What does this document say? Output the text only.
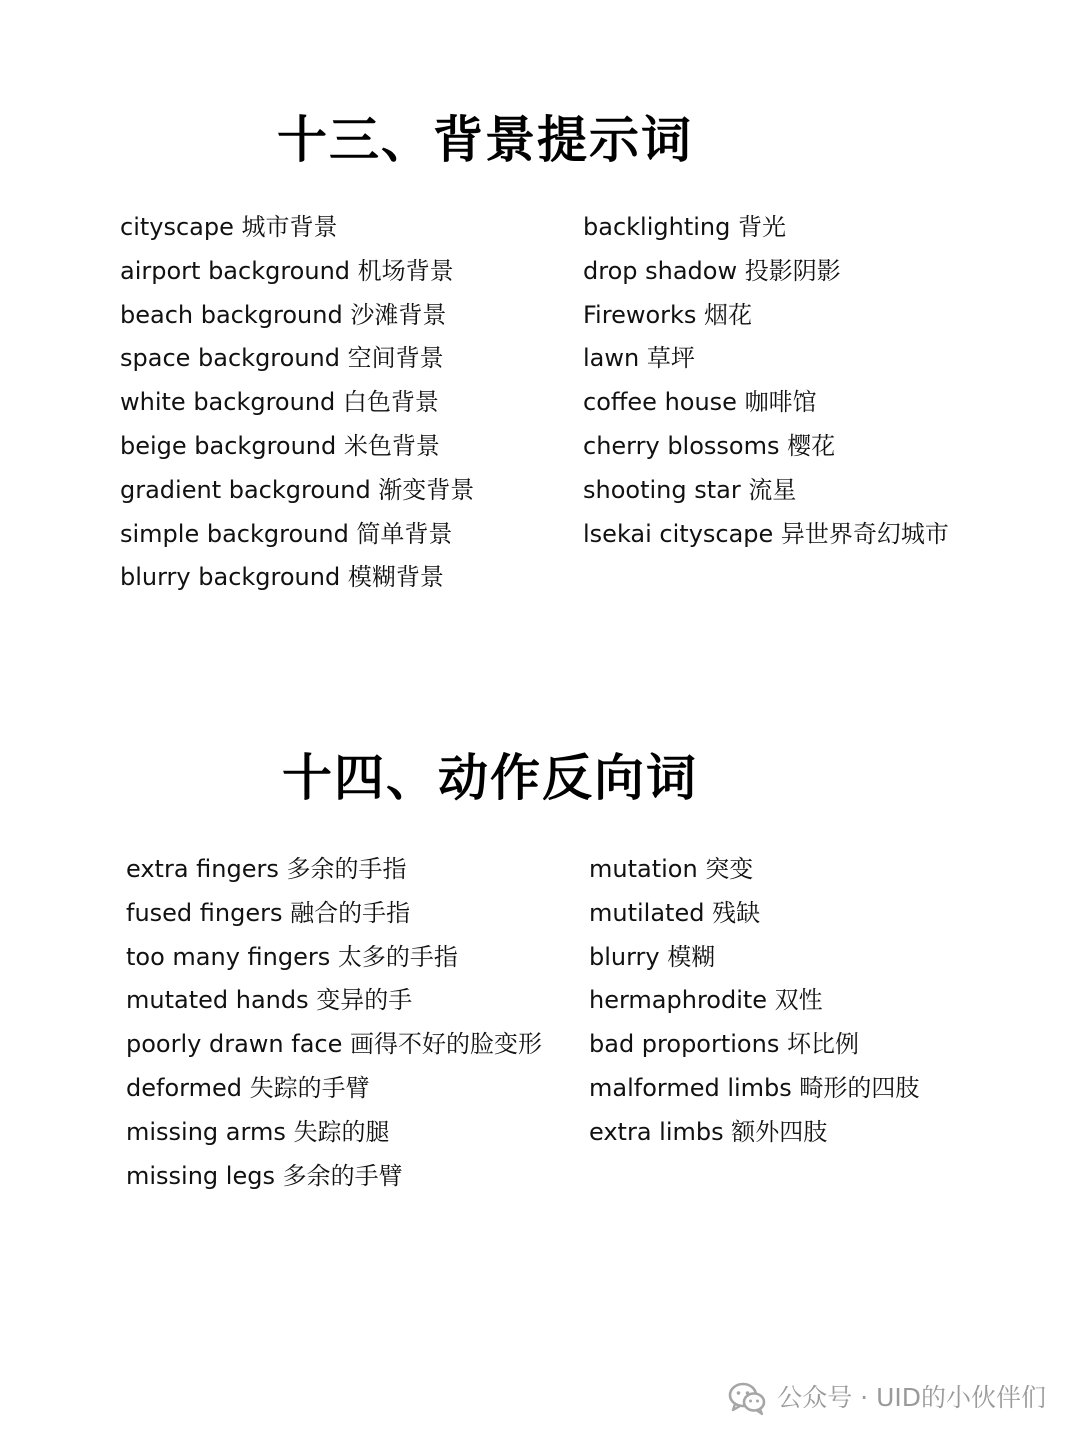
十三、背景提示词
cityscape 城市背景
airport background 机场背景
beach background 沙滩背景
space background 空间背景
white background 白色背景
beige background 米色背景
gradient background 渐变背景
simple background 简单背景
blurry background 模糊背景
backlighting 背光
drop shadow 投影阴影
Fireworks 烟花
lawn 草坪
coffee house 咖啡馆
cherry blossoms 樱花
shooting star 流星
lsekai cityscape 异世界奇幻城市
十四、动作反向词
extra fingers 多余的手指
fused fingers 融合的手指
too many fingers 太多的手指
mutated hands 变异的手
poorly drawn face 画得不好的脸变形
deformed 失踪的手臂
missing arms 失踪的腿
missing legs 多余的手臂
mutation 突变
mutilated 残缺
blurry 模糊
hermaphrodite 双性
bad proportions 坏比例
malformed limbs 畸形的四肢
extra limbs 额外四肢
公众号 · UID的小伙伴们
